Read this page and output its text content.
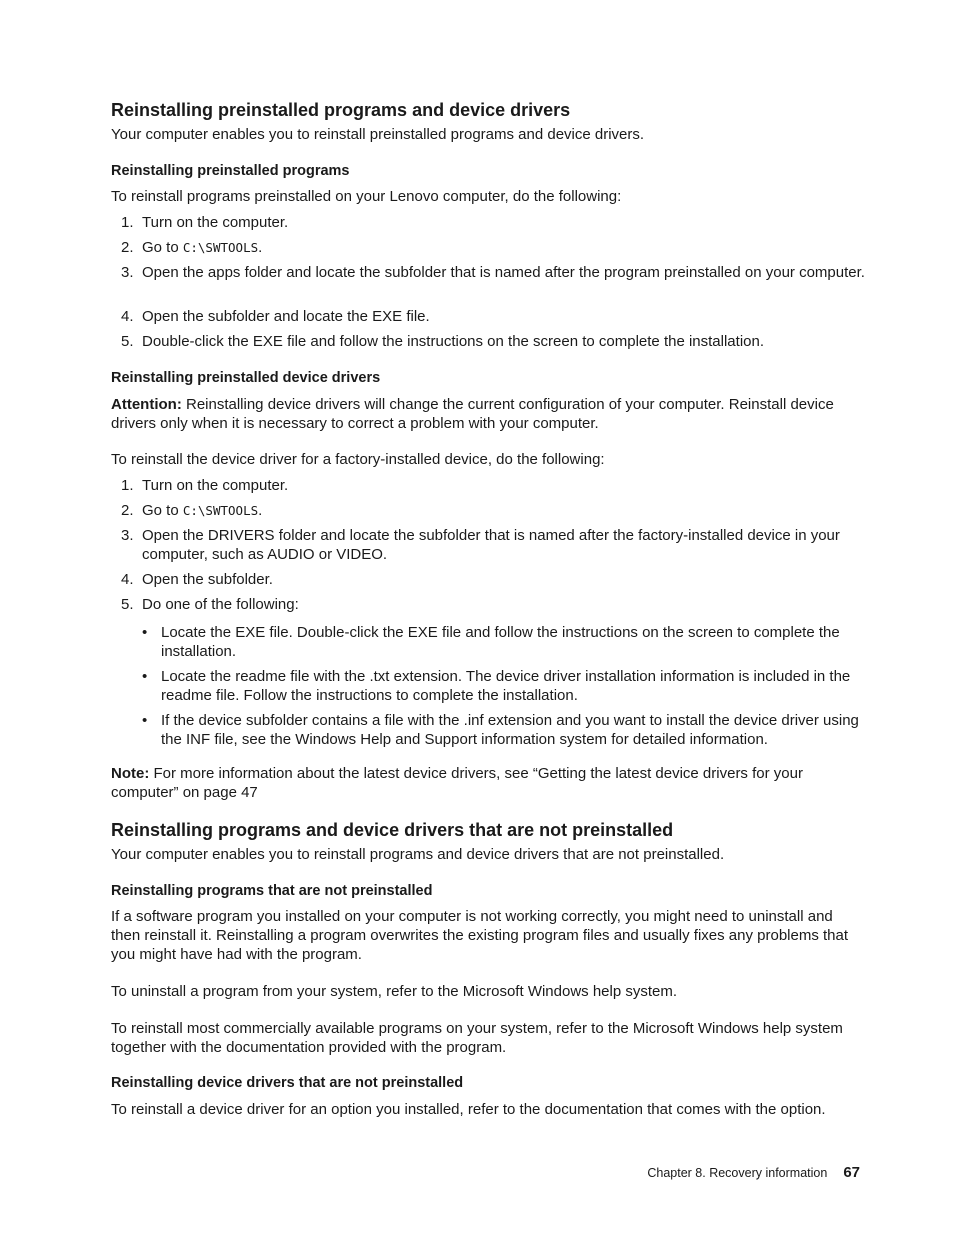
Reinstalling preinstalled programs and device drivers
Your computer enables you to reinstall preinstalled programs and device drivers.
Reinstalling preinstalled programs
To reinstall programs preinstalled on your Lenovo computer, do the following:
1. Turn on the computer.
2. Go to C:\SWTOOLS.
3. Open the apps folder and locate the subfolder that is named after the program preinstalled on your computer.
4. Open the subfolder and locate the EXE file.
5. Double-click the EXE file and follow the instructions on the screen to complete the installation.
Reinstalling preinstalled device drivers
Attention: Reinstalling device drivers will change the current configuration of your computer. Reinstall device drivers only when it is necessary to correct a problem with your computer.
To reinstall the device driver for a factory-installed device, do the following:
1. Turn on the computer.
2. Go to C:\SWTOOLS.
3. Open the DRIVERS folder and locate the subfolder that is named after the factory-installed device in your computer, such as AUDIO or VIDEO.
4. Open the subfolder.
5. Do one of the following:
• Locate the EXE file. Double-click the EXE file and follow the instructions on the screen to complete the installation.
• Locate the readme file with the .txt extension. The device driver installation information is included in the readme file. Follow the instructions to complete the installation.
• If the device subfolder contains a file with the .inf extension and you want to install the device driver using the INF file, see the Windows Help and Support information system for detailed information.
Note: For more information about the latest device drivers, see “Getting the latest device drivers for your computer” on page 47
Reinstalling programs and device drivers that are not preinstalled
Your computer enables you to reinstall programs and device drivers that are not preinstalled.
Reinstalling programs that are not preinstalled
If a software program you installed on your computer is not working correctly, you might need to uninstall and then reinstall it. Reinstalling a program overwrites the existing program files and usually fixes any problems that you might have had with the program.
To uninstall a program from your system, refer to the Microsoft Windows help system.
To reinstall most commercially available programs on your system, refer to the Microsoft Windows help system together with the documentation provided with the program.
Reinstalling device drivers that are not preinstalled
To reinstall a device driver for an option you installed, refer to the documentation that comes with the option.
Chapter 8. Recovery information 67
